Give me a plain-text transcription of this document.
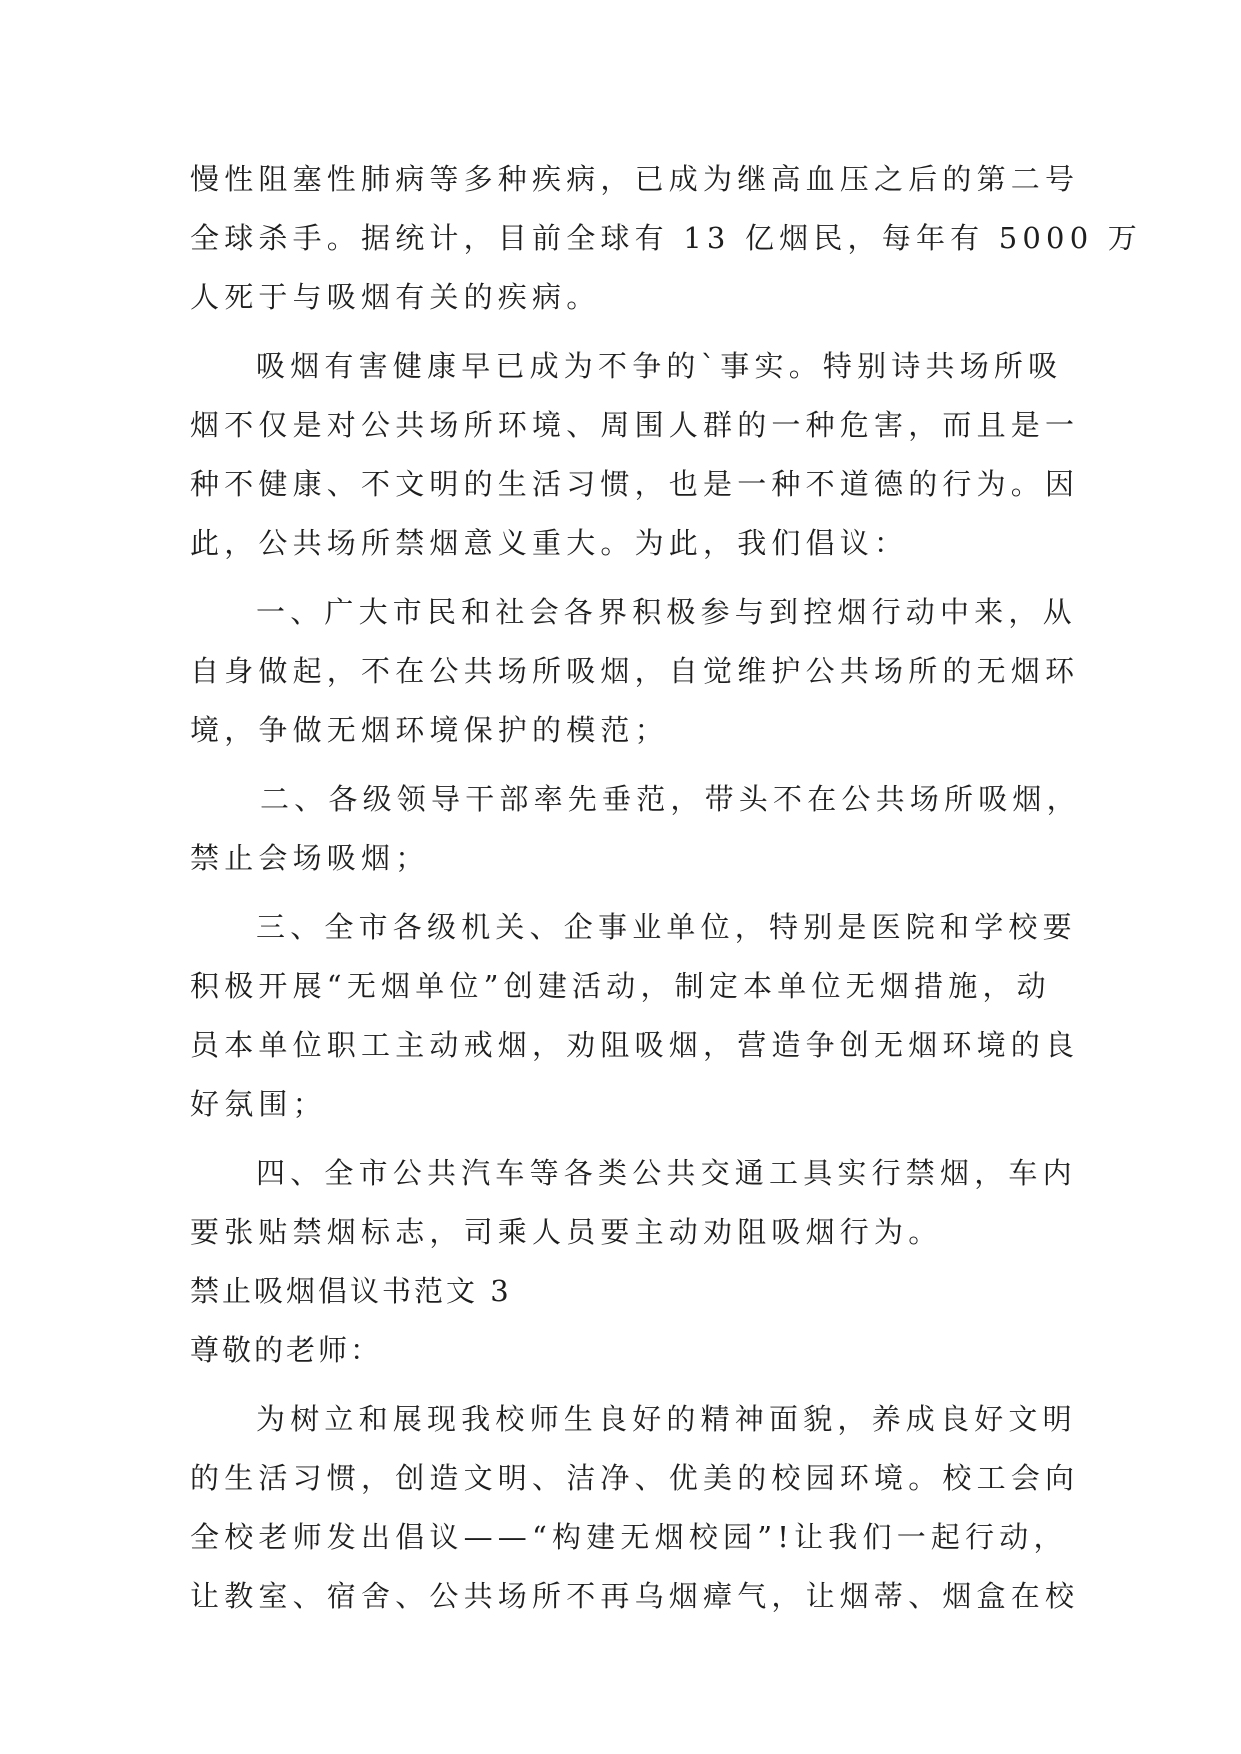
慢性阻塞性肺病等多种疾病，已成为继高血压之后的第二号
全球杀手。据统计，目前全球有 13 亿烟民，每年有 5000 万
人死于与吸烟有关的疾病。
吸烟有害健康早已成为不争的`事实。特别诗共场所吸
烟不仅是对公共场所环境、周围人群的一种危害，而且是一
种不健康、不文明的生活习惯，也是一种不道德的行为。因
此，公共场所禁烟意义重大。为此，我们倡议：
一、广大市民和社会各界积极参与到控烟行动中来，从
自身做起，不在公共场所吸烟，自觉维护公共场所的无烟环
境，争做无烟环境保护的模范；
二、各级领导干部率先垂范，带头不在公共场所吸烟，
禁止会场吸烟；
三、全市各级机关、企事业单位，特别是医院和学校要
积极开展“无烟单位”创建活动，制定本单位无烟措施，动
员本单位职工主动戒烟，劝阻吸烟，营造争创无烟环境的良
好氛围；
四、全市公共汽车等各类公共交通工具实行禁烟，车内
要张贴禁烟标志，司乘人员要主动劝阻吸烟行为。
禁止吸烟倡议书范文 3
尊敬的老师：
为树立和展现我校师生良好的精神面貌，养成良好文明
的生活习惯，创造文明、洁净、优美的校园环境。校工会向
全校老师发出倡议——“构建无烟校园”!让我们一起行动，
让教室、宿舍、公共场所不再乌烟瘴气，让烟蒂、烟盒在校
